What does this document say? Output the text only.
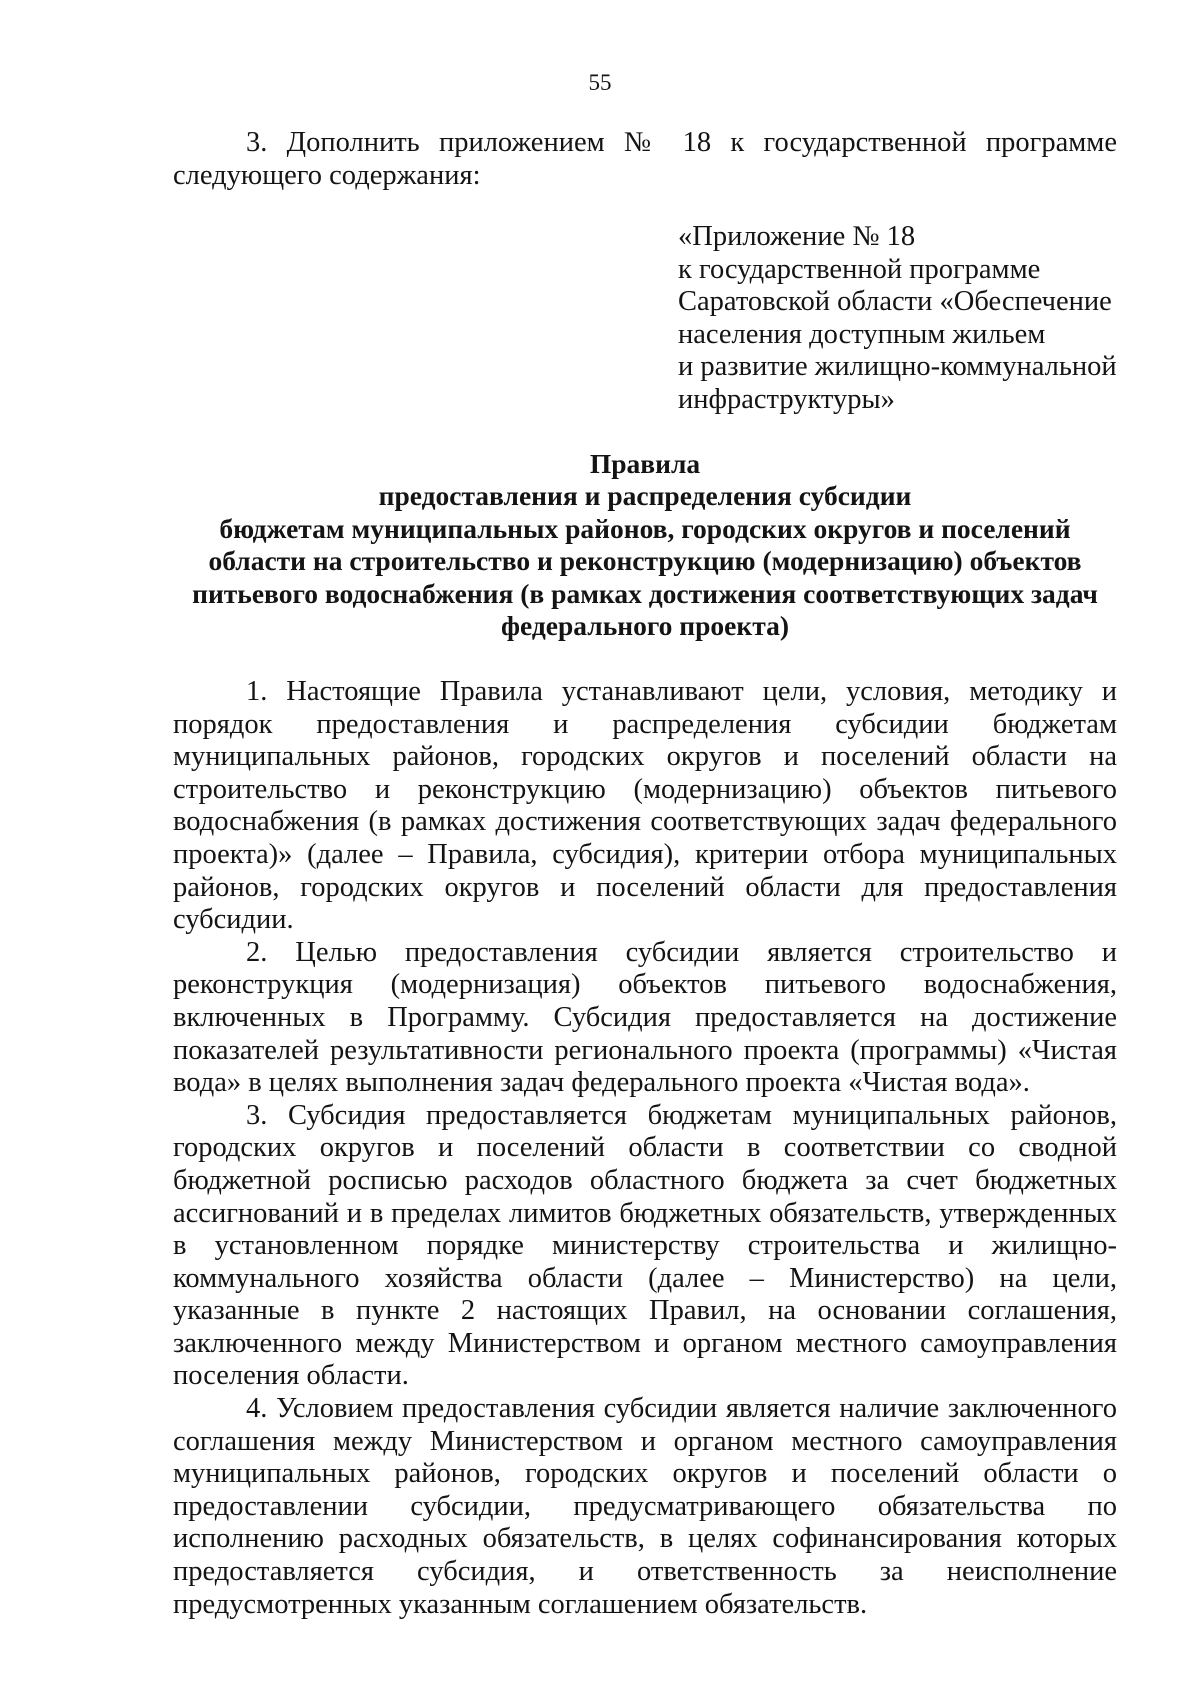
55

3. Дополнить приложением № 18 к государственной программе следующего содержания:

«Приложение № 18
к государственной программе
Саратовской области «Обеспечение
населения доступным жильем
и развитие жилищно-коммунальной
инфраструктуры»
Правила
предоставления и распределения субсидии
бюджетам муниципальных районов, городских округов и поселений
области на строительство и реконструкцию (модернизацию) объектов
питьевого водоснабжения (в рамках достижения соответствующих задач
федерального проекта)

1. Настоящие Правила устанавливают цели, условия, методику и порядок предоставления и распределения субсидии бюджетам муниципальных районов, городских округов и поселений области на строительство и реконструкцию (модернизацию) объектов питьевого водоснабжения (в рамках достижения соответствующих задач федерального проекта)» (далее – Правила, субсидия), критерии отбора муниципальных районов, городских округов и поселений области для предоставления субсидии.

2. Целью предоставления субсидии является строительство и реконструкция (модернизация) объектов питьевого водоснабжения, включенных в Программу. Субсидия предоставляется на достижение показателей результативности регионального проекта (программы) «Чистая вода» в целях выполнения задач федерального проекта «Чистая вода».

3. Субсидия предоставляется бюджетам муниципальных районов, городских округов и поселений области в соответствии со сводной бюджетной росписью расходов областного бюджета за счет бюджетных ассигнований и в пределах лимитов бюджетных обязательств, утвержденных в установленном порядке министерству строительства и жилищно-коммунального хозяйства области (далее – Министерство) на цели, указанные в пункте 2 настоящих Правил, на основании соглашения, заключенного между Министерством и органом местного самоуправления поселения области.

4. Условием предоставления субсидии является наличие заключенного соглашения между Министерством и органом местного самоуправления муниципальных районов, городских округов и поселений области о предоставлении субсидии, предусматривающего обязательства по исполнению расходных обязательств, в целях софинансирования которых предоставляется субсидия, и ответственность за неисполнение предусмотренных указанным соглашением обязательств.
